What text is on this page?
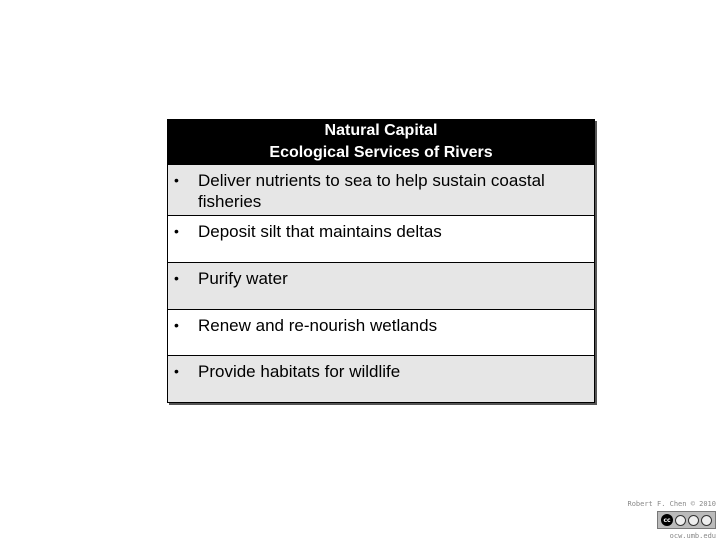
Natural Capital
Ecological Services of Rivers
• Deliver nutrients to sea to help sustain coastal fisheries
• Deposit silt that maintains deltas
• Purify water
• Renew and re-nourish wetlands
• Provide habitats for wildlife
Robert F. Chen © 2010
cc
ocw.umb.edu
